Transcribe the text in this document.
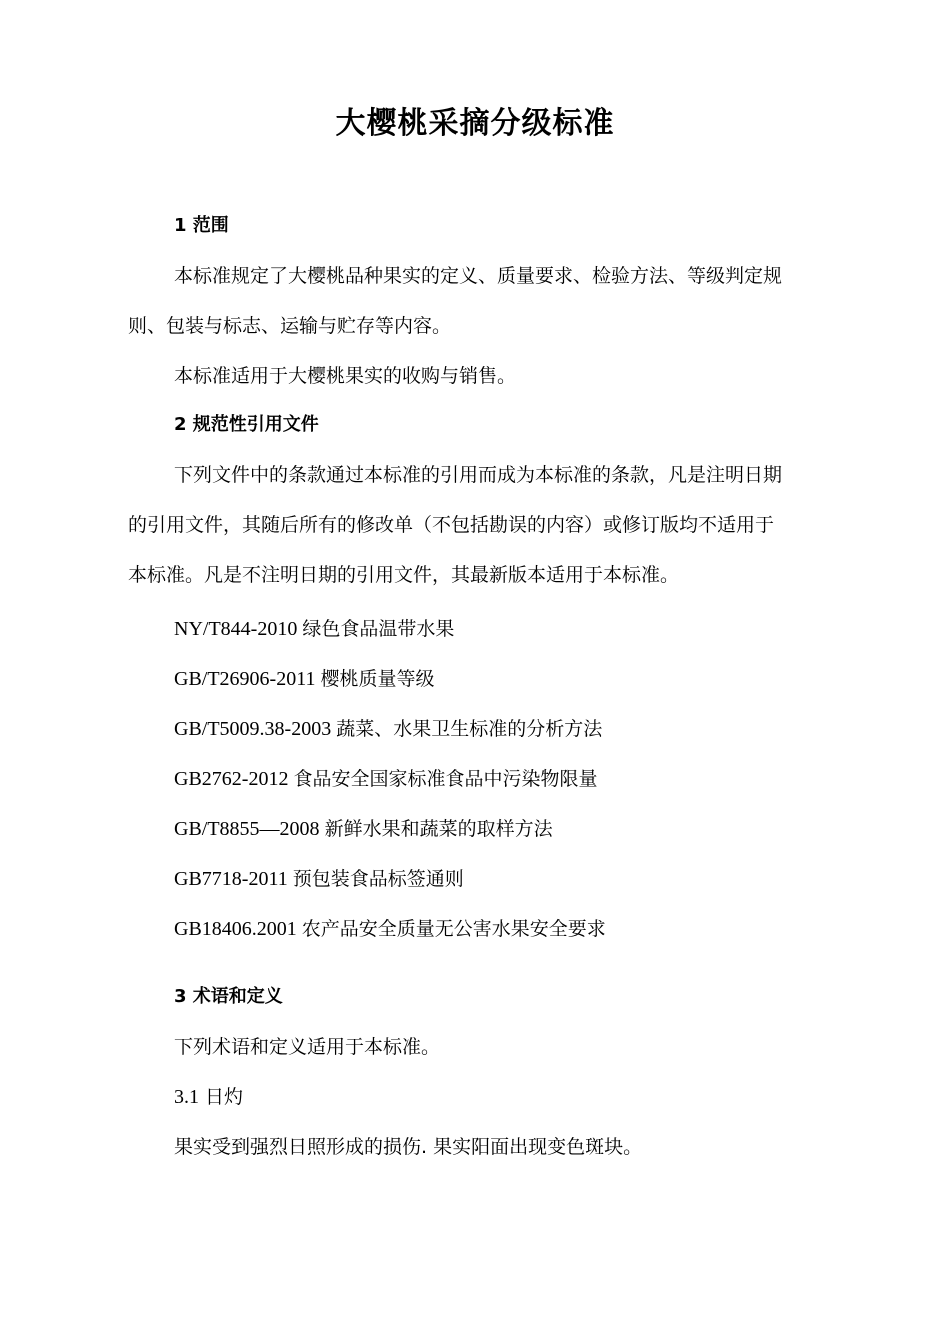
大樱桃采摘分级标准
1 范围
本标准规定了大樱桃品种果实的定义、质量要求、检验方法、等级判定规
则、包装与标志、运输与贮存等内容。
本标准适用于大樱桃果实的收购与销售。
2 规范性引用文件
下列文件中的条款通过本标准的引用而成为本标准的条款，凡是注明日期
的引用文件，其随后所有的修改单（不包括勘误的内容）或修订版均不适用于
本标准。凡是不注明日期的引用文件，其最新版本适用于本标准。
NY/T844-2010 绿色食品温带水果
GB/T26906-2011 樱桃质量等级
GB/T5009.38-2003 蔬菜、水果卫生标准的分析方法
GB2762-2012 食品安全国家标准食品中污染物限量
GB/T8855—2008 新鲜水果和蔬菜的取样方法
GB7718-2011 预包装食品标签通则
GB18406.2001 农产品安全质量无公害水果安全要求
3 术语和定义
下列术语和定义适用于本标准。
3.1 日灼
果实受到强烈日照形成的损伤. 果实阳面出现变色斑块。
